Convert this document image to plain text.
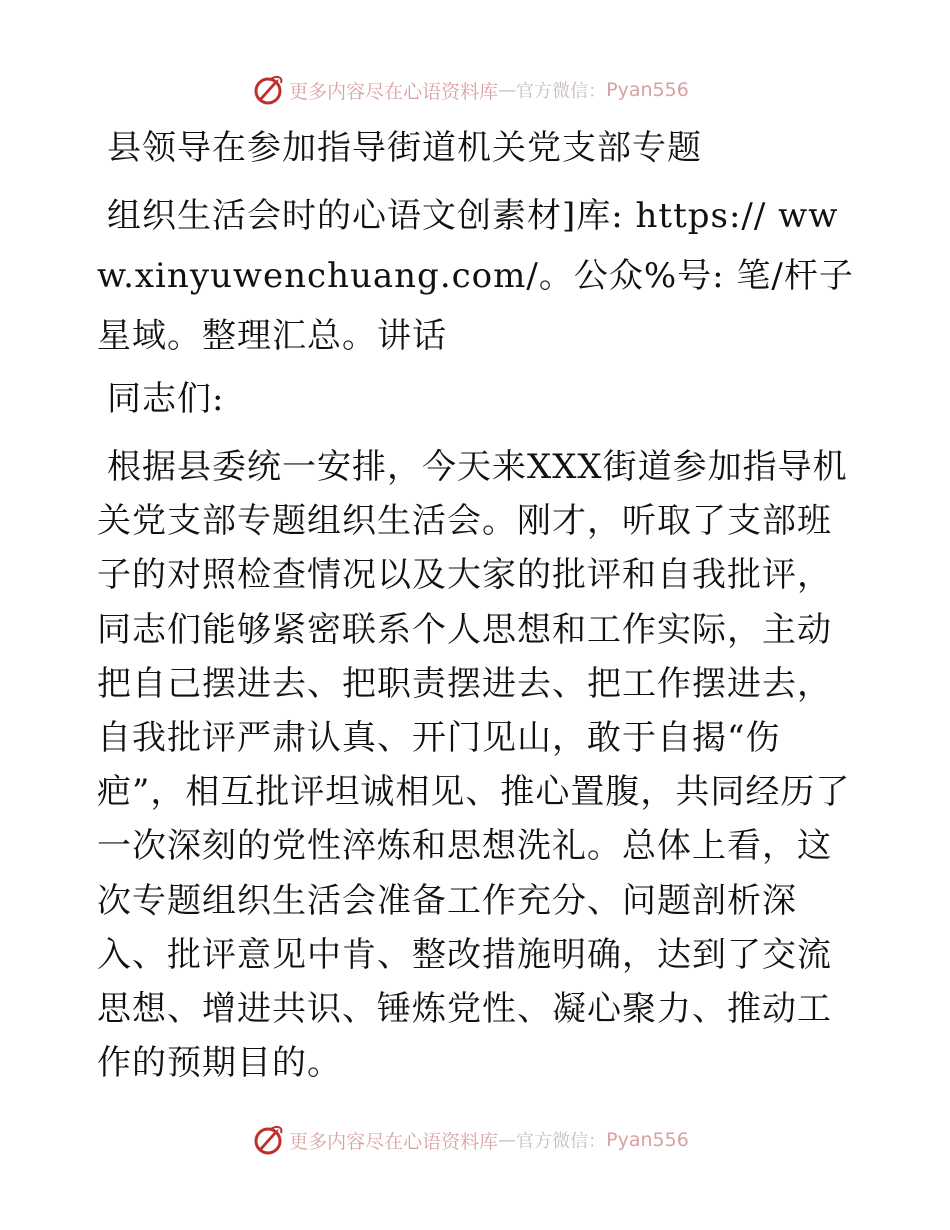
更多内容尽在心语资料库 — 官方微信： Pyan556
县领导在参加指导街道机关党支部专题

组织生活会时的心语文创素材]库: https:// www.xinyuwenchuang.com/。公众%号: 笔/杆子星域。整理汇总。讲话

同志们:

根据县委统一安排，今天来XXX街道参加指导机关党支部专题组织生活会。刚才，听取了支部班子的对照检查情况以及大家的批评和自我批评，同志们能够紧密联系个人思想和工作实际，主动把自己摆进去、把职责摆进去、把工作摆进去，自我批评严肃认真、开门见山，敢于自揭“伤疤”，相互批评坦诚相见、推心置腹，共同经历了一次深刻的党性淬炼和思想洗礼。总体上看，这次专题组织生活会准备工作充分、问题剖析深入、批评意见中肯、整改措施明确，达到了交流思想、增进共识、锤炼党性、凝心聚力、推动工作的预期目的。

更多内容尽在心语资料库 — 官方微信： Pyan556
